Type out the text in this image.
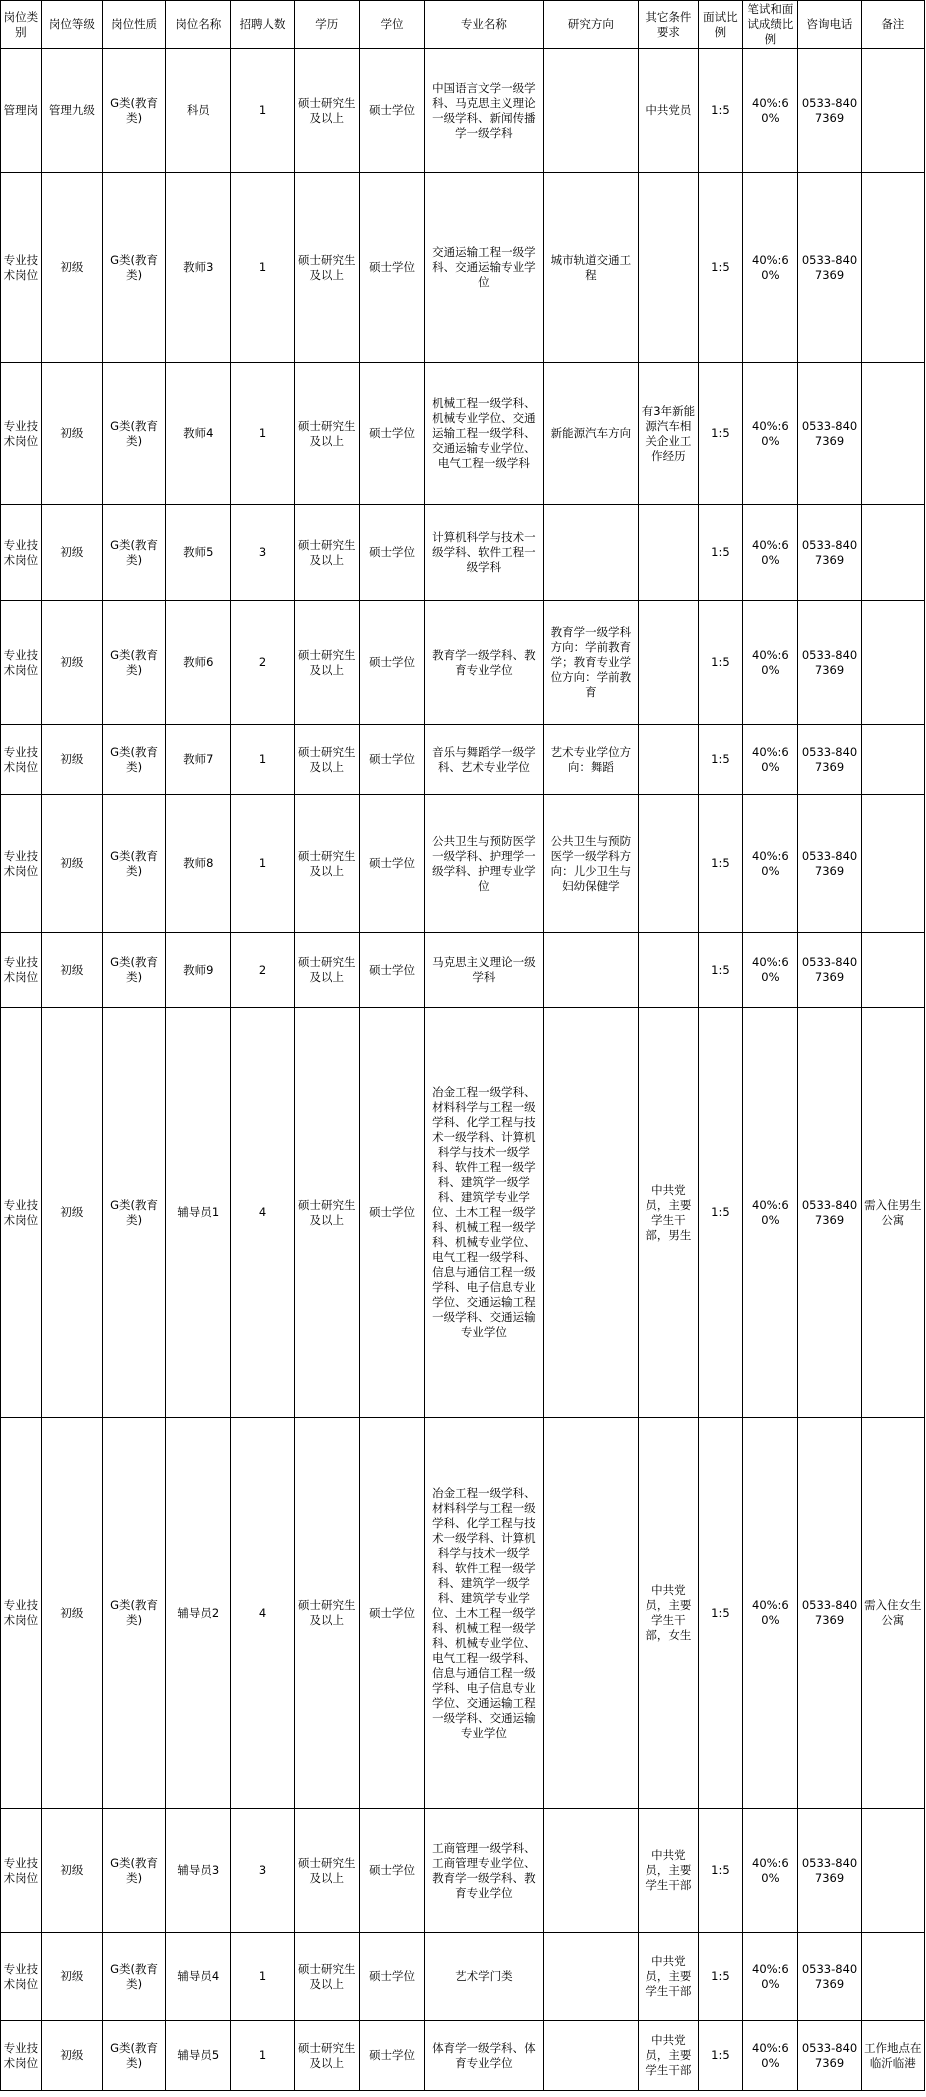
岗位类别	岗位等级	岗位性质	岗位名称	招聘人数	学历	学位	专业名称	研究方向	其它条件要求	面试比例	笔试和面试成绩比例	咨询电话	备注
管理岗	管理九级	G类(教育类)	科员	1	硕士研究生及以上	硕士学位	中国语言文学一级学科、马克思主义理论一级学科、新闻传播学一级学科		中共党员	1:5	40%:60%	0533-8407369	
专业技术岗位	初级	G类(教育类)	教师3	1	硕士研究生及以上	硕士学位	交通运输工程一级学科、交通运输专业学位	城市轨道交通工程		1:5	40%:60%	0533-8407369	
专业技术岗位	初级	G类(教育类)	教师4	1	硕士研究生及以上	硕士学位	机械工程一级学科、机械专业学位、交通运输工程一级学科、交通运输专业学位、电气工程一级学科	新能源汽车方向	有3年新能源汽车相关企业工作经历	1:5	40%:60%	0533-8407369	
专业技术岗位	初级	G类(教育类)	教师5	3	硕士研究生及以上	硕士学位	计算机科学与技术一级学科、软件工程一级学科			1:5	40%:60%	0533-8407369	
专业技术岗位	初级	G类(教育类)	教师6	2	硕士研究生及以上	硕士学位	教育学一级学科、教育专业学位	教育学一级学科方向：学前教育学；教育专业学位方向：学前教育		1:5	40%:60%	0533-8407369	
专业技术岗位	初级	G类(教育类)	教师7	1	硕士研究生及以上	硕士学位	音乐与舞蹈学一级学科、艺术专业学位	艺术专业学位方向：舞蹈		1:5	40%:60%	0533-8407369	
专业技术岗位	初级	G类(教育类)	教师8	1	硕士研究生及以上	硕士学位	公共卫生与预防医学一级学科、护理学一级学科、护理专业学位	公共卫生与预防医学一级学科方向：儿少卫生与妇幼保健学		1:5	40%:60%	0533-8407369	
专业技术岗位	初级	G类(教育类)	教师9	2	硕士研究生及以上	硕士学位	马克思主义理论一级学科			1:5	40%:60%	0533-8407369	
专业技术岗位	初级	G类(教育类)	辅导员1	4	硕士研究生及以上	硕士学位	冶金工程一级学科、材料科学与工程一级学科、化学工程与技术一级学科、计算机科学与技术一级学科、软件工程一级学科、建筑学一级学科、建筑学专业学位、土木工程一级学科、机械工程一级学科、机械专业学位、电气工程一级学科、信息与通信工程一级学科、电子信息专业学位、交通运输工程一级学科、交通运输专业学位		中共党员，主要学生干部，男生	1:5	40%:60%	0533-8407369	需入住男生公寓
专业技术岗位	初级	G类(教育类)	辅导员2	4	硕士研究生及以上	硕士学位	冶金工程一级学科、材料科学与工程一级学科、化学工程与技术一级学科、计算机科学与技术一级学科、软件工程一级学科、建筑学一级学科、建筑学专业学位、土木工程一级学科、机械工程一级学科、机械专业学位、电气工程一级学科、信息与通信工程一级学科、电子信息专业学位、交通运输工程一级学科、交通运输专业学位		中共党员，主要学生干部，女生	1:5	40%:60%	0533-8407369	需入住女生公寓
专业技术岗位	初级	G类(教育类)	辅导员3	3	硕士研究生及以上	硕士学位	工商管理一级学科、工商管理专业学位、教育学一级学科、教育专业学位		中共党员，主要学生干部	1:5	40%:60%	0533-8407369	
专业技术岗位	初级	G类(教育类)	辅导员4	1	硕士研究生及以上	硕士学位	艺术学门类		中共党员，主要学生干部	1:5	40%:60%	0533-8407369	
专业技术岗位	初级	G类(教育类)	辅导员5	1	硕士研究生及以上	硕士学位	体育学一级学科、体育专业学位		中共党员，主要学生干部	1:5	40%:60%	0533-8407369	工作地点在临沂临港
